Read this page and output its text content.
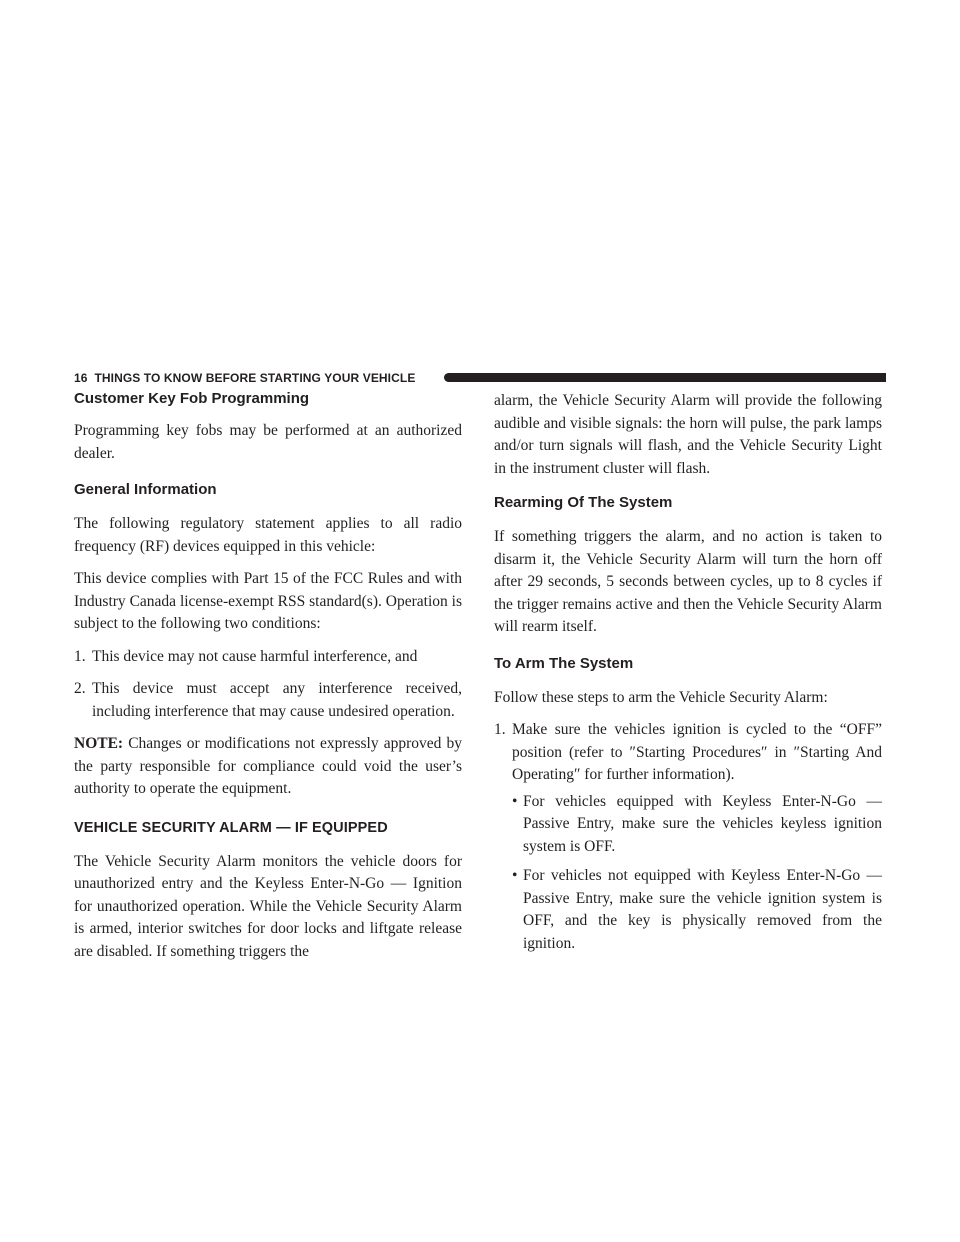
16 THINGS TO KNOW BEFORE STARTING YOUR VEHICLE
Customer Key Fob Programming

Programming key fobs may be performed at an authorized dealer.

General Information

The following regulatory statement applies to all radio frequency (RF) devices equipped in this vehicle:

This device complies with Part 15 of the FCC Rules and with Industry Canada license-exempt RSS standard(s). Operation is subject to the following two conditions:

1. This device may not cause harmful interference, and
2. This device must accept any interference received, including interference that may cause undesired operation.

NOTE: Changes or modifications not expressly approved by the party responsible for compliance could void the user’s authority to operate the equipment.

VEHICLE SECURITY ALARM — IF EQUIPPED

The Vehicle Security Alarm monitors the vehicle doors for unauthorized entry and the Keyless Enter-N-Go — Ignition for unauthorized operation. While the Vehicle Security Alarm is armed, interior switches for door locks and liftgate release are disabled. If something triggers the

alarm, the Vehicle Security Alarm will provide the following audible and visible signals: the horn will pulse, the park lamps and/or turn signals will flash, and the Vehicle Security Light in the instrument cluster will flash.

Rearming Of The System

If something triggers the alarm, and no action is taken to disarm it, the Vehicle Security Alarm will turn the horn off after 29 seconds, 5 seconds between cycles, up to 8 cycles if the trigger remains active and then the Vehicle Security Alarm will rearm itself.

To Arm The System

Follow these steps to arm the Vehicle Security Alarm:

1. Make sure the vehicles ignition is cycled to the “OFF” position (refer to ″Starting Procedures″ in ″Starting And Operating″ for further information).
• For vehicles equipped with Keyless Enter-N-Go — Passive Entry, make sure the vehicles keyless ignition system is OFF.
• For vehicles not equipped with Keyless Enter-N-Go — Passive Entry, make sure the vehicle ignition system is OFF, and the key is physically removed from the ignition.
